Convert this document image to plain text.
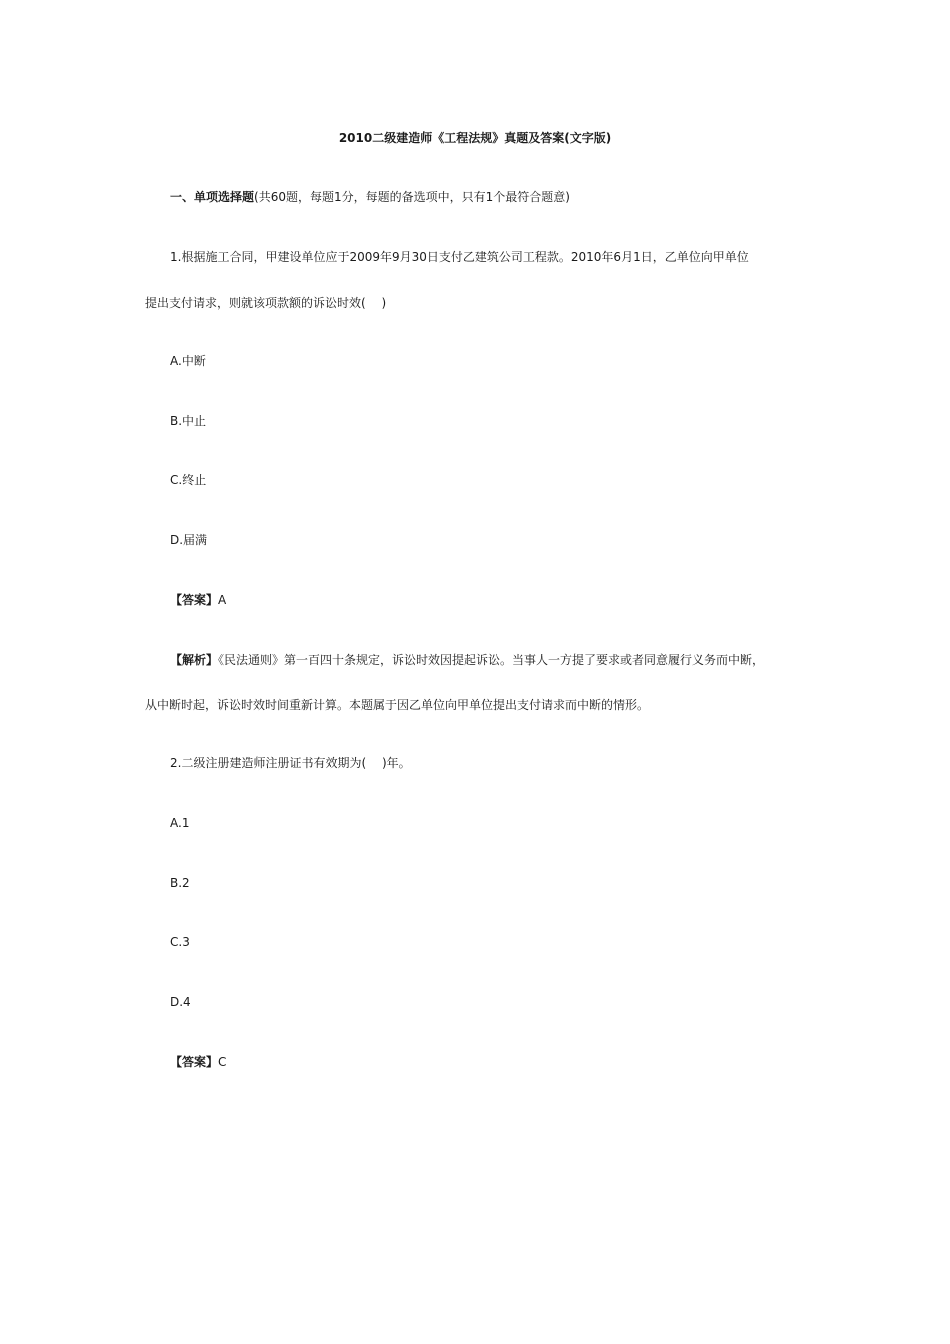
2010二级建造师《工程法规》真题及答案(文字版)
一、单项选择题(共60题，每题1分，每题的备选项中，只有1个最符合题意)
1.根据施工合同，甲建设单位应于2009年9月30日支付乙建筑公司工程款。2010年6月1日，乙单位向甲单位
提出支付请求，则就该项款额的诉讼时效(　 )
A.中断
B.中止
C.终止
D.届满
【答案】A
【解析】《民法通则》第一百四十条规定，诉讼时效因提起诉讼。当事人一方提了要求或者同意履行义务而中断，
从中断时起，诉讼时效时间重新计算。本题属于因乙单位向甲单位提出支付请求而中断的情形。
2.二级注册建造师注册证书有效期为(　 )年。
A.1
B.2
C.3
D.4
【答案】C
